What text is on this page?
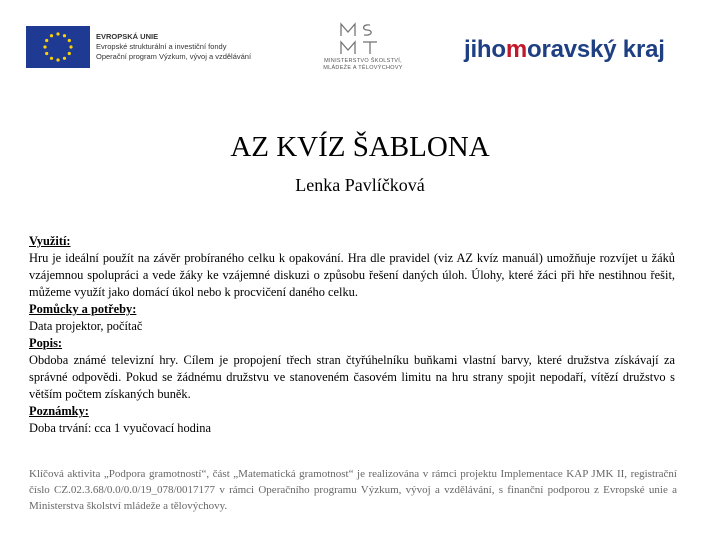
EVROPSKÁ UNIE
Evropské strukturální a investiční fondy
Operační program Výzkum, vývoj a vzdělávání	MINISTERSTVO ŠKOLSTVÍ,
MLÁDEŽE A TĚLOVÝCHOVY
jihomoravský kraj
AZ KVÍZ ŠABLONA
Lenka Pavlíčková
Využití:
Hru je ideální použít na závěr probíraného celku k opakování. Hra dle pravidel (viz AZ kvíz manuál) umožňuje rozvíjet u žáků vzájemnou spolupráci a vede žáky ke vzájemné diskuzi o způsobu řešení daných úloh. Úlohy, které žáci při hře nestihnou řešit, můžeme využít jako domácí úkol nebo k procvičení daného celku.
Pomůcky a potřeby:
Data projektor, počítač
Popis:
Obdoba známé televizní hry. Cílem je propojení třech stran čtyřúhelníku buňkami vlastní barvy, které družstva získávají za správné odpovědi. Pokud se žádnému družstvu ve stanoveném časovém limitu na hru strany spojit nepodaří, vítězí družstvo s větším počtem získaných buněk.
Poznámky:
Doba trvání: cca 1 vyučovací hodina
Klíčová aktivita „Podpora gramotností“, část „Matematická gramotnost“ je realizována v rámci projektu Implementace KAP JMK II, registrační číslo CZ.02.3.68/0.0/0.0/19_078/0017177 v rámci Operačního programu Výzkum, vývoj a vzdělávání, s finanční podporou z Evropské unie a Ministerstva školství mládeže a tělovýchovy.
